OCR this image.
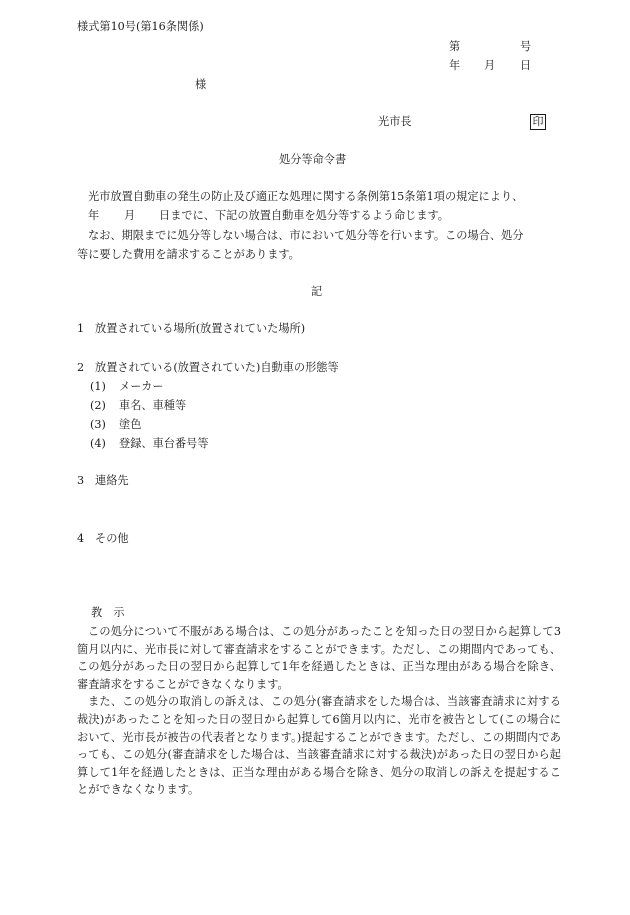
様式第10号(第16条関係)
第	号
年 月 日
様
光市長	印
処分等命令書
光市放置自動車の発生の防止及び適正な処理に関する条例第15条第1項の規定により、
年 月 日までに、下記の放置自動車を処分等するよう命じます。
なお、期限までに処分等しない場合は、市において処分等を行います。この場合、処分
等に要した費用を請求することがあります。
記
1 放置されている場所(放置されていた場所)
2 放置されている(放置されていた)自動車の形態等
(1) メーカー
(2) 車名、車種等
(3) 塗色
(4) 登録、車台番号等
3 連絡先
4 その他
教　示

この処分について不服がある場合は、この処分があったことを知った日の翌日から起算して3箇月以内に、光市長に対して審査請求をすることができます。ただし、この期間内であっても、この処分があった日の翌日から起算して1年を経過したときは、正当な理由がある場合を除き、審査請求をすることができなくなります。

また、この処分の取消しの訴えは、この処分(審査請求をした場合は、当該審査請求に対する裁決)があったことを知った日の翌日から起算して6箇月以内に、光市を被告として(この場合において、光市長が被告の代表者となります。)提起することができます。ただし、この期間内であっても、この処分(審査請求をした場合は、当該審査請求に対する裁決)があった日の翌日から起算して1年を経過したときは、正当な理由がある場合を除き、処分の取消しの訴えを提起することができなくなります。
